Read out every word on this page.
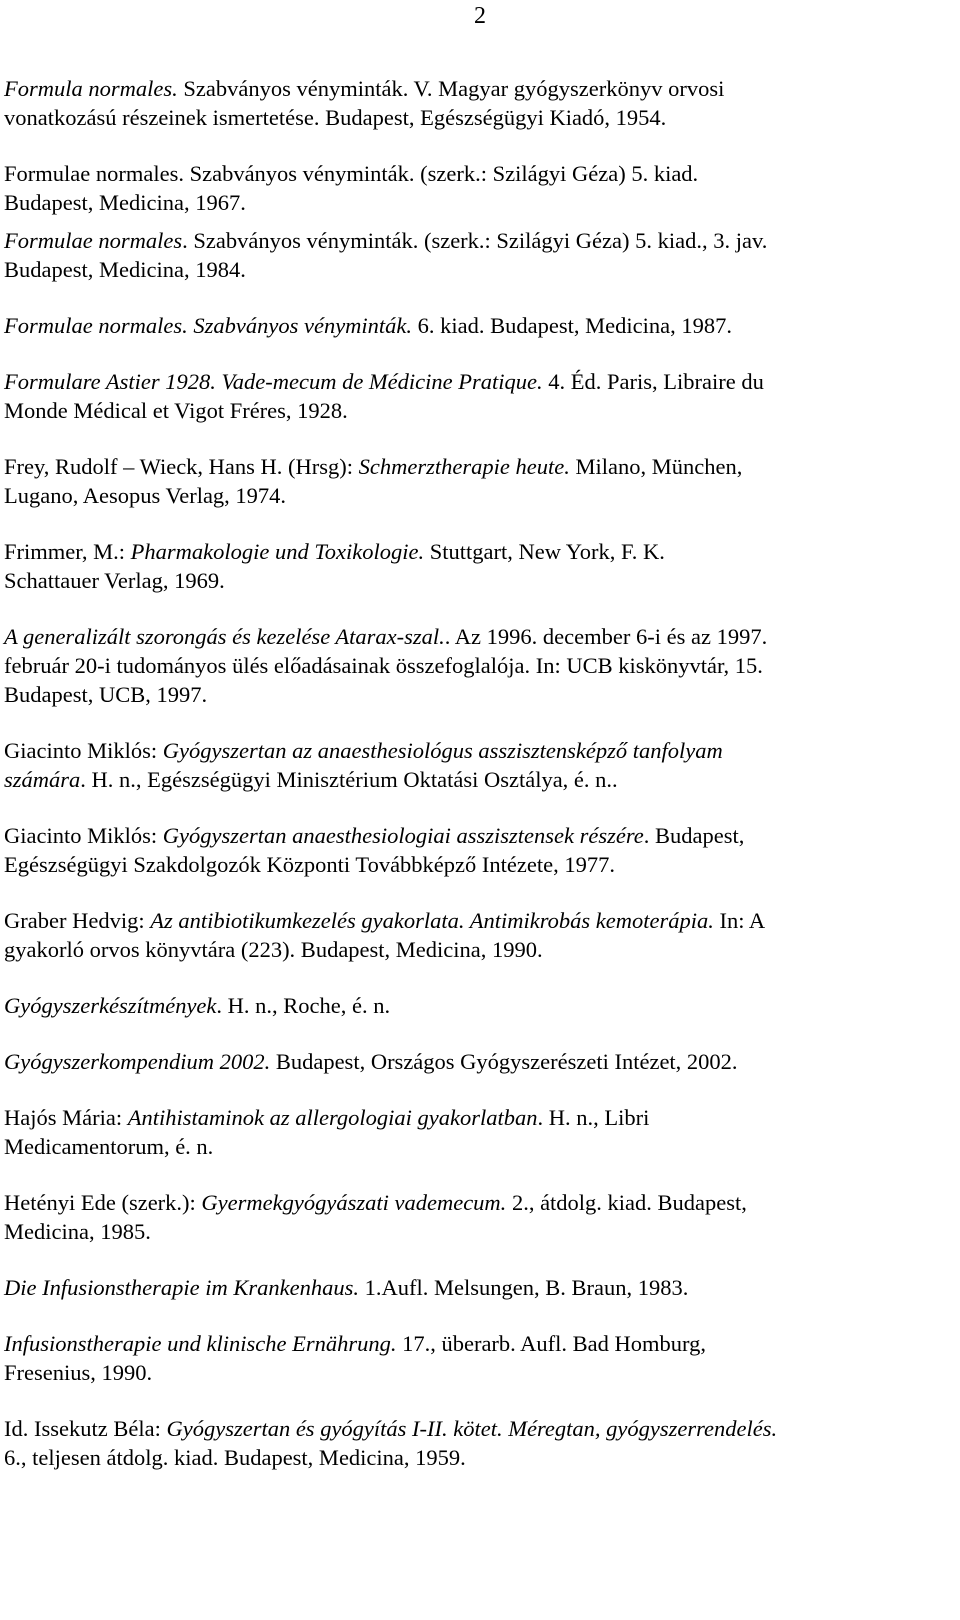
2
Formula normales. Szabványos vényminták. V. Magyar gyógyszerkönyv orvosi
vonatkozású részeinek ismertetése. Budapest, Egészségügyi Kiadó, 1954.
Formulae normales. Szabványos vényminták. (szerk.: Szilágyi Géza) 5. kiad.
Budapest, Medicina, 1967.
Formulae normales. Szabványos vényminták. (szerk.: Szilágyi Géza) 5. kiad., 3. jav.
Budapest, Medicina, 1984.
Formulae normales. Szabványos vényminták. 6. kiad. Budapest, Medicina, 1987.
Formulare Astier 1928. Vade-mecum de Médicine Pratique. 4. Éd. Paris, Libraire du
Monde Médical et Vigot Fréres, 1928.
Frey, Rudolf – Wieck, Hans H. (Hrsg): Schmerztherapie heute. Milano, München,
Lugano, Aesopus Verlag, 1974.
Frimmer, M.: Pharmakologie und Toxikologie. Stuttgart, New York, F. K.
Schattauer Verlag, 1969.
A generalizált szorongás és kezelése Atarax-szal.. Az 1996. december 6-i és az 1997.
február 20-i tudományos ülés előadásainak összefoglalója. In: UCB kiskönyvtár, 15.
Budapest, UCB, 1997.
Giacinto Miklós: Gyógyszertan az anaesthesiológus asszisztensképző tanfolyam
számára. H. n., Egészségügyi Minisztérium Oktatási Osztálya, é. n..
Giacinto Miklós: Gyógyszertan anaesthesiologiai asszisztensek részére. Budapest,
Egészségügyi Szakdolgozók Központi Továbbképző Intézete, 1977.
Graber Hedvig: Az antibiotikumkezelés gyakorlata. Antimikrobás kemoterápia. In: A
gyakorló orvos könyvtára (223). Budapest, Medicina, 1990.
Gyógyszerkészítmények. H. n., Roche, é. n.
Gyógyszerkompendium 2002. Budapest, Országos Gyógyszerészeti Intézet, 2002.
Hajós Mária: Antihistaminok az allergologiai gyakorlatban. H. n., Libri
Medicamentorum, é. n.
Hetényi Ede (szerk.): Gyermekgyógyászati vademecum. 2., átdolg. kiad. Budapest,
Medicina, 1985.
Die Infusionstherapie im Krankenhaus. 1.Aufl. Melsungen, B. Braun, 1983.
Infusionstherapie und klinische Ernährung. 17., überarb. Aufl. Bad Homburg,
Fresenius, 1990.
Id. Issekutz Béla: Gyógyszertan és gyógyítás I-II. kötet. Méregtan, gyógyszerrendelés.
6., teljesen átdolg. kiad. Budapest, Medicina, 1959.
